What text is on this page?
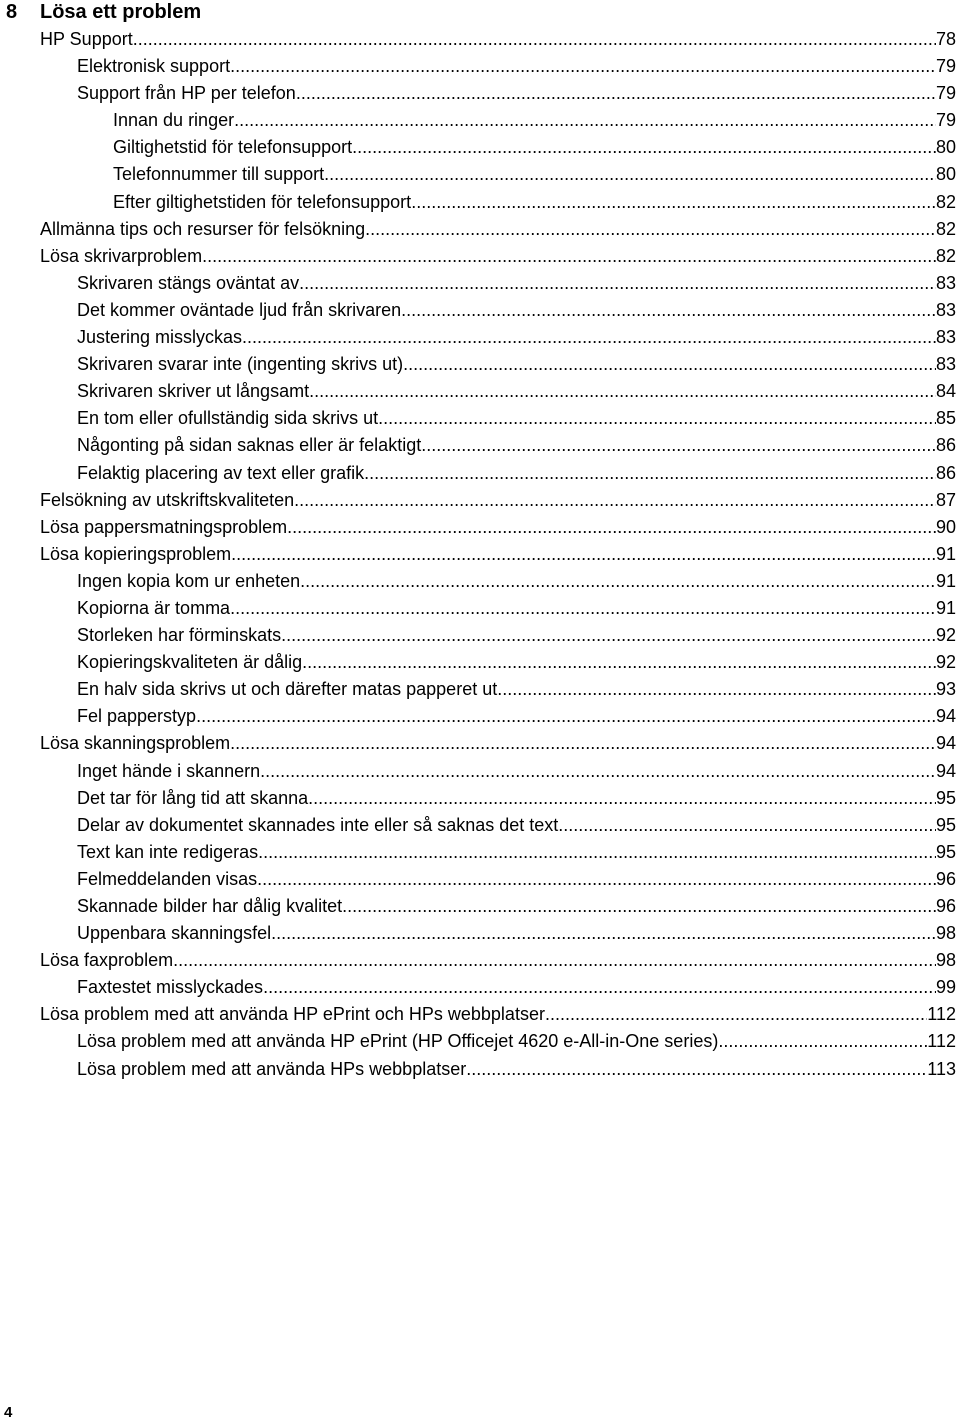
8 Lösa ett problem
HP Support .....	78
Elektronisk support .....	79
Support från HP per telefon .....	79
Innan du ringer .....	79
Giltighetstid för telefonsupport .....	80
Telefonnummer till support .....	80
Efter giltighetstiden för telefonsupport .....	82
Allmänna tips och resurser för felsökning .....	82
Lösa skrivarproblem .....	82
Skrivaren stängs oväntat av .....	83
Det kommer oväntade ljud från skrivaren .....	83
Justering misslyckas .....	83
Skrivaren svarar inte (ingenting skrivs ut) .....	83
Skrivaren skriver ut långsamt .....	84
En tom eller ofullständig sida skrivs ut .....	85
Någonting på sidan saknas eller är felaktigt .....	86
Felaktig placering av text eller grafik .....	86
Felsökning av utskriftskvaliteten .....	87
Lösa pappersmatningsproblem .....	90
Lösa kopieringsproblem .....	91
Ingen kopia kom ur enheten .....	91
Kopiorna är tomma .....	91
Storleken har förminskats .....	92
Kopieringskvaliteten är dålig .....	92
En halv sida skrivs ut och därefter matas papperet ut .....	93
Fel papperstyp .....	94
Lösa skanningsproblem .....	94
Inget hände i skannern .....	94
Det tar för lång tid att skanna .....	95
Delar av dokumentet skannades inte eller så saknas det text .....	95
Text kan inte redigeras .....	95
Felmeddelanden visas .....	96
Skannade bilder har dålig kvalitet .....	96
Uppenbara skanningsfel .....	98
Lösa faxproblem .....	98
Faxtestet misslyckades .....	99
Lösa problem med att använda HP ePrint och HPs webbplatser .....	112
Lösa problem med att använda HP ePrint (HP Officejet 4620 e-All-in-One series) .....	112
Lösa problem med att använda HPs webbplatser .....	113
4
